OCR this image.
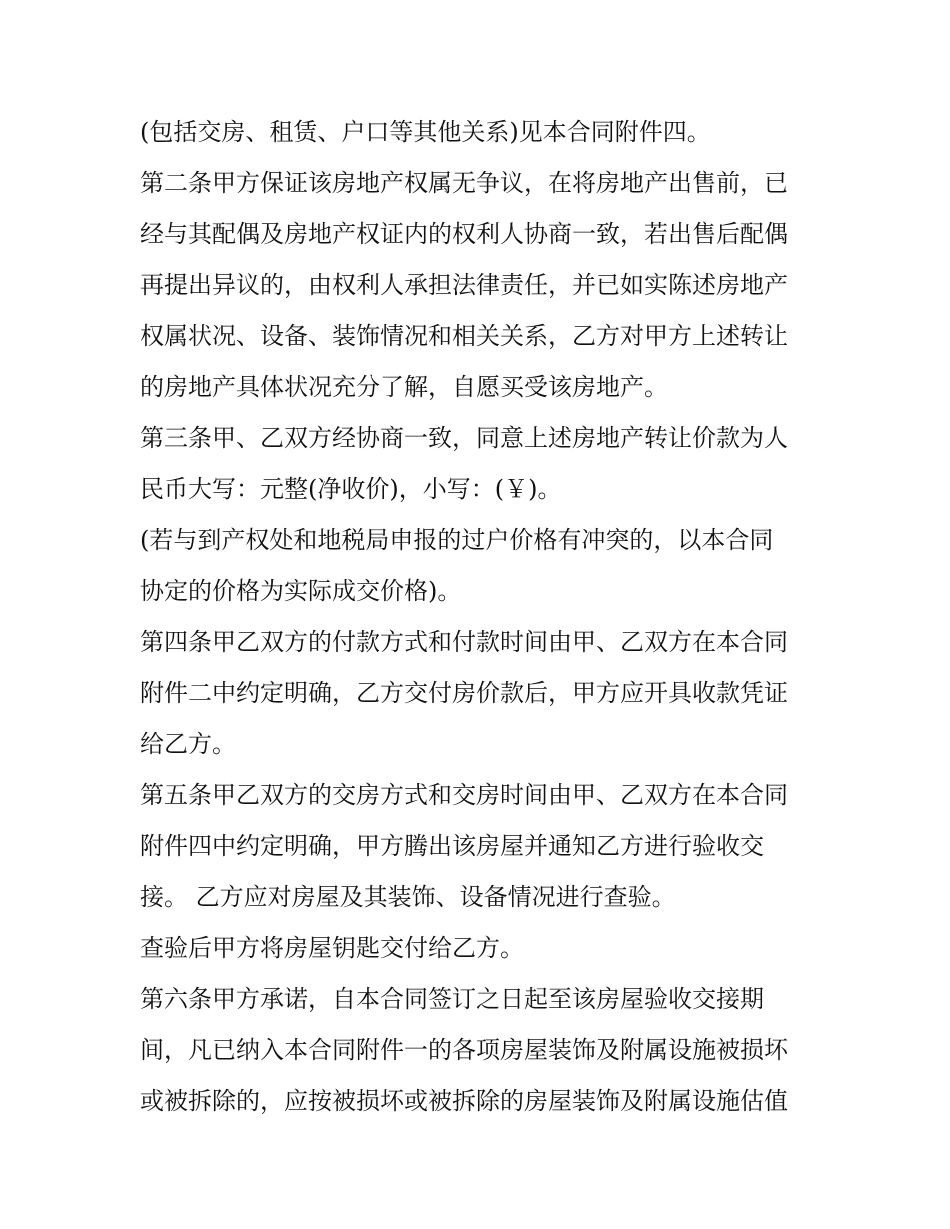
(包括交房、租赁、户口等其他关系)见本合同附件四。
第二条甲方保证该房地产权属无争议，在将房地产出售前，已
经与其配偶及房地产权证内的权利人协商一致，若出售后配偶
再提出异议的，由权利人承担法律责任，并已如实陈述房地产
权属状况、设备、装饰情况和相关关系，乙方对甲方上述转让
的房地产具体状况充分了解，自愿买受该房地产。
第三条甲、乙双方经协商一致，同意上述房地产转让价款为人
民币大写：元整(净收价)，小写：(￥)。
(若与到产权处和地税局申报的过户价格有冲突的，以本合同
协定的价格为实际成交价格)。
第四条甲乙双方的付款方式和付款时间由甲、乙双方在本合同
附件二中约定明确，乙方交付房价款后，甲方应开具收款凭证
给乙方。
第五条甲乙双方的交房方式和交房时间由甲、乙双方在本合同
附件四中约定明确，甲方腾出该房屋并通知乙方进行验收交
接。 乙方应对房屋及其装饰、设备情况进行查验。
查验后甲方将房屋钥匙交付给乙方。
第六条甲方承诺，自本合同签订之日起至该房屋验收交接期
间，凡已纳入本合同附件一的各项房屋装饰及附属设施被损坏
或被拆除的，应按被损坏或被拆除的房屋装饰及附属设施估值
